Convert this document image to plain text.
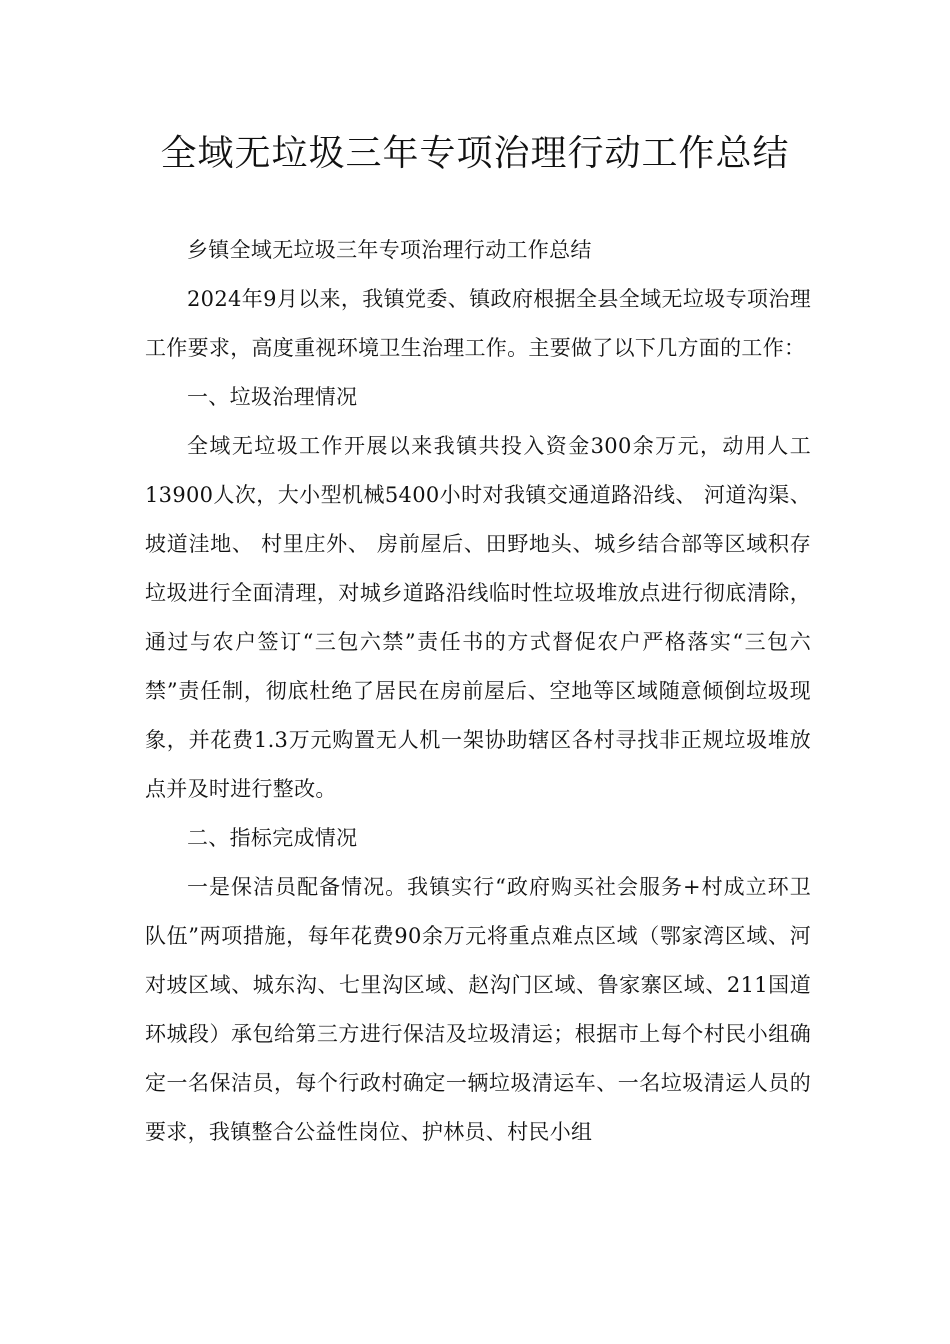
全域无垃圾三年专项治理行动工作总结

乡镇全域无垃圾三年专项治理行动工作总结

2024年9月以来，我镇党委、镇政府根据全县全域无垃圾专项治理工作要求，高度重视环境卫生治理工作。主要做了以下几方面的工作：

一、垃圾治理情况

全域无垃圾工作开展以来我镇共投入资金300余万元，动用人工13900人次，大小型机械5400小时对我镇交通道路沿线、 河道沟渠、 坡道洼地、 村里庄外、 房前屋后、田野地头、城乡结合部等区域积存垃圾进行全面清理，对城乡道路沿线临时性垃圾堆放点进行彻底清除，通过与农户签订“三包六禁”责任书的方式督促农户严格落实“三包六禁”责任制，彻底杜绝了居民在房前屋后、空地等区域随意倾倒垃圾现象，并花费1.3万元购置无人机一架协助辖区各村寻找非正规垃圾堆放点并及时进行整改。

二、指标完成情况

一是保洁员配备情况。我镇实行“政府购买社会服务+村成立环卫队伍”两项措施，每年花费90余万元将重点难点区域（鄂家湾区域、河对坡区域、城东沟、七里沟区域、赵沟门区域、鲁家寨区域、211国道环城段）承包给第三方进行保洁及垃圾清运；根据市上每个村民小组确定一名保洁员，每个行政村确定一辆垃圾清运车、一名垃圾清运人员的要求，我镇整合公益性岗位、护林员、村民小组
